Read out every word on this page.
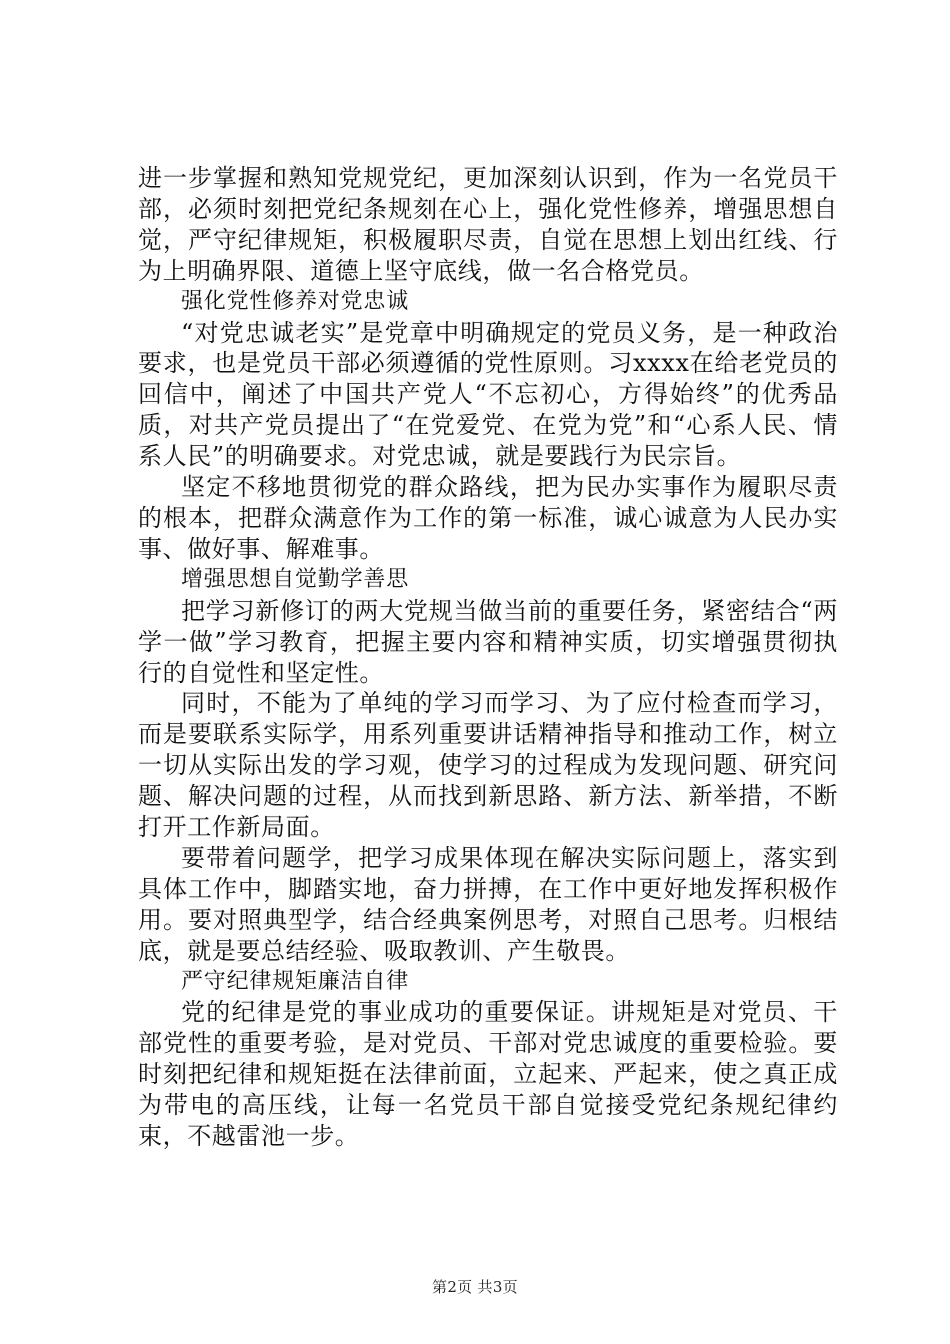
进一步掌握和熟知党规党纪，更加深刻认识到，作为一名党员干部，必须时刻把党纪条规刻在心上，强化党性修养，增强思想自觉，严守纪律规矩，积极履职尽责，自觉在思想上划出红线、行为上明确界限、道德上坚守底线，做一名合格党员。

强化党性修养对党忠诚

“对党忠诚老实”是党章中明确规定的党员义务，是一种政治要求，也是党员干部必须遵循的党性原则。习xxxx在给老党员的回信中，阐述了中国共产党人“不忘初心，方得始终”的优秀品质，对共产党员提出了“在党爱党、在党为党”和“心系人民、情系人民”的明确要求。对党忠诚，就是要践行为民宗旨。

坚定不移地贯彻党的群众路线，把为民办实事作为履职尽责的根本，把群众满意作为工作的第一标准，诚心诚意为人民办实事、做好事、解难事。

增强思想自觉勤学善思

把学习新修订的两大党规当做当前的重要任务，紧密结合“两学一做”学习教育，把握主要内容和精神实质，切实增强贯彻执行的自觉性和坚定性。

同时，不能为了单纯的学习而学习、为了应付检查而学习，而是要联系实际学，用系列重要讲话精神指导和推动工作，树立一切从实际出发的学习观，使学习的过程成为发现问题、研究问题、解决问题的过程，从而找到新思路、新方法、新举措，不断打开工作新局面。

要带着问题学，把学习成果体现在解决实际问题上，落实到具体工作中，脚踏实地，奋力拼搏，在工作中更好地发挥积极作用。要对照典型学，结合经典案例思考，对照自己思考。归根结底，就是要总结经验、吸取教训、产生敬畏。

严守纪律规矩廉洁自律

党的纪律是党的事业成功的重要保证。讲规矩是对党员、干部党性的重要考验，是对党员、干部对党忠诚度的重要检验。要时刻把纪律和规矩挺在法律前面，立起来、严起来，使之真正成为带电的高压线，让每一名党员干部自觉接受党纪条规纪律约束，不越雷池一步。

第2页 共3页
